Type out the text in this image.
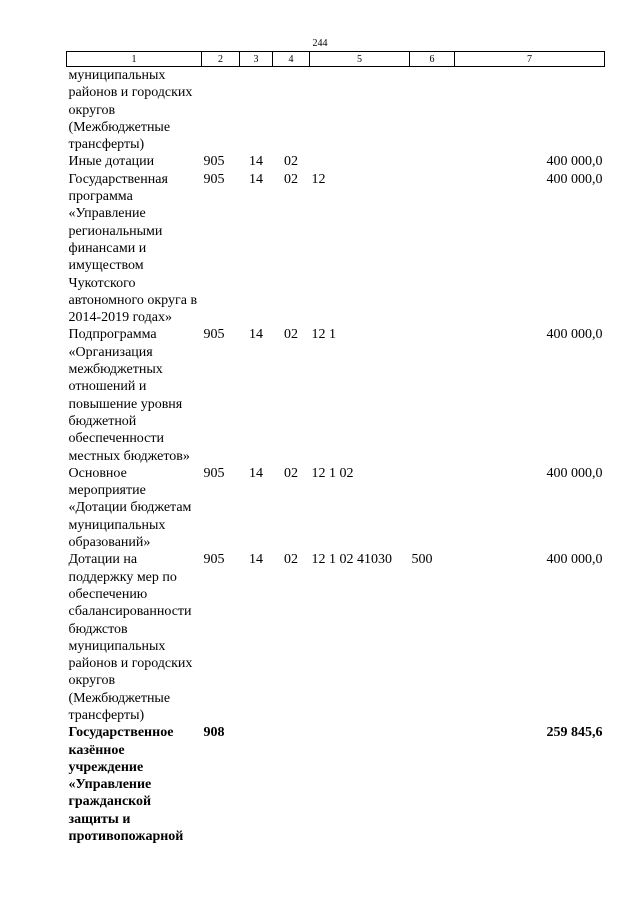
244
1	2	3	4	5	6	7
муниципальных районов и городских округов (Межбюджетные трансферты)						
Иные дотации	905	14	02			400 000,0
Государственная программа «Управление региональными финансами и имуществом Чукотского автономного округа в 2014-2019 годах»	905	14	02	12		400 000,0
Подпрограмма «Организация межбюджетных отношений и повышение уровня бюджетной обеспеченности местных бюджетов»	905	14	02	12 1		400 000,0
Основное мероприятие «Дотации бюджетам муниципальных образований»	905	14	02	12 1 02		400 000,0
Дотации на поддержку мер по обеспечению сбалансированности бюджстов муниципальных районов и городских округов (Межбюджетные трансферты)	905	14	02	12 1 02 41030	500	400 000,0
Государственное казённое учреждение «Управление гражданской защиты и противопожарной	908					259 845,6
